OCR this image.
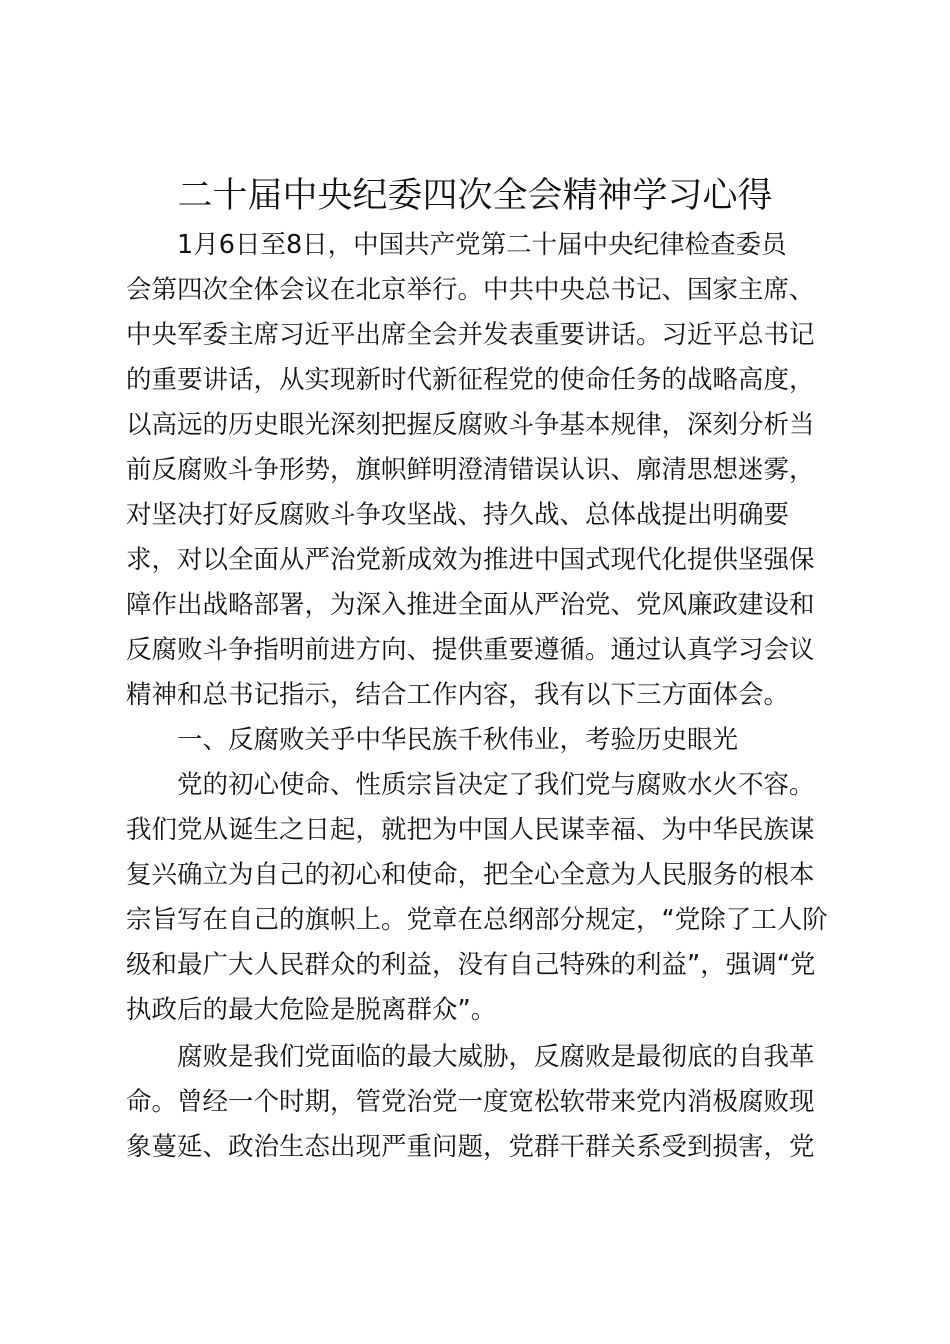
二十届中央纪委四次全会精神学习心得
1月6日至8日，中国共产党第二十届中央纪律检查委员
会第四次全体会议在北京举行。中共中央总书记、国家主席、
中央军委主席习近平出席全会并发表重要讲话。习近平总书记
的重要讲话，从实现新时代新征程党的使命任务的战略高度，
以高远的历史眼光深刻把握反腐败斗争基本规律，深刻分析当
前反腐败斗争形势，旗帜鲜明澄清错误认识、廓清思想迷雾，
对坚决打好反腐败斗争攻坚战、持久战、总体战提出明确要
求，对以全面从严治党新成效为推进中国式现代化提供坚强保
障作出战略部署，为深入推进全面从严治党、党风廉政建设和
反腐败斗争指明前进方向、提供重要遵循。通过认真学习会议
精神和总书记指示，结合工作内容，我有以下三方面体会。
一、反腐败关乎中华民族千秋伟业，考验历史眼光
党的初心使命、性质宗旨决定了我们党与腐败水火不容。
我们党从诞生之日起，就把为中国人民谋幸福、为中华民族谋
复兴确立为自己的初心和使命，把全心全意为人民服务的根本
宗旨写在自己的旗帜上。党章在总纲部分规定，“党除了工人阶
级和最广大人民群众的利益，没有自己特殊的利益”，强调“党
执政后的最大危险是脱离群众”。
腐败是我们党面临的最大威胁，反腐败是最彻底的自我革
命。曾经一个时期，管党治党一度宽松软带来党内消极腐败现
象蔓延、政治生态出现严重问题，党群干群关系受到损害，党
